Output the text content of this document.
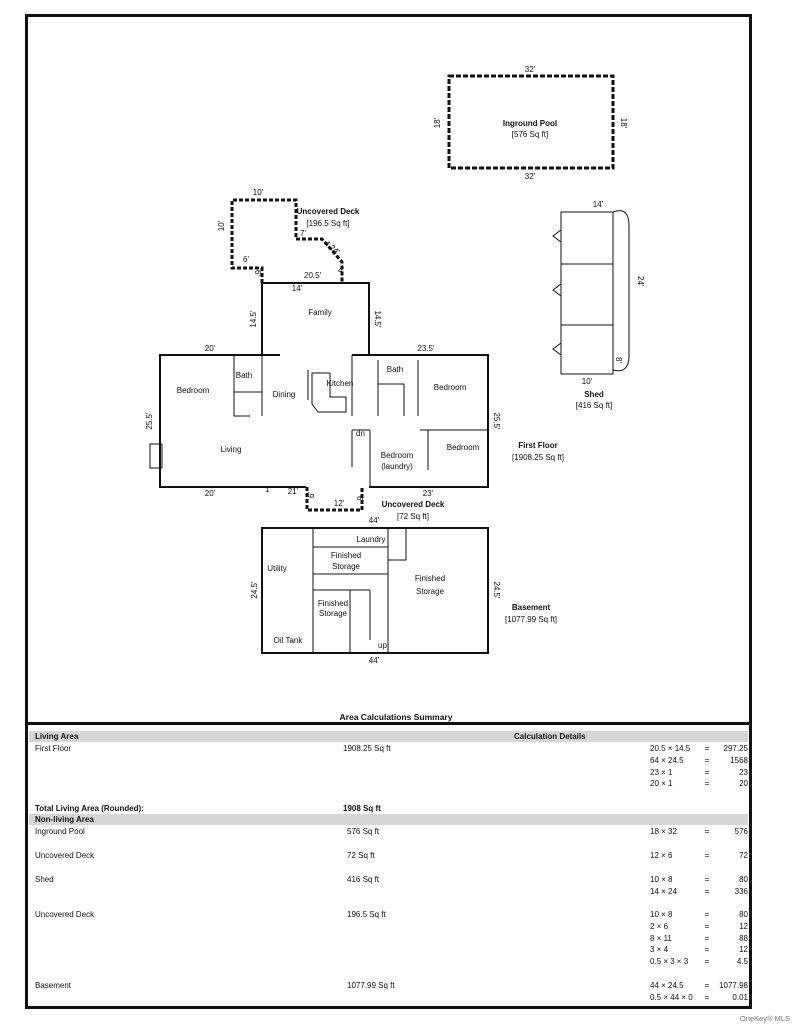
32'
32'
18'	18'
Inground Pool
[576 Sq ft]
10'
10'
7'
6'
6'
4.24'
4'
20.5'
Uncovered Deck
[196.5 Sq ft]
14'
24'
8'
10'
Shed
[416 Sq ft]
14'
14.5'	14.5'
20'	23.5'
25.5'	25.5'
20'	1' 21'	23'
Family
Bedroom
Bath
Dining
Kitchen
Bath
Bedroom
Living
Bedroom
(laundry)
Bedroom
dn
First Floor
[1908.25 Sq ft]
6'
12'
6'
Uncovered Deck
[72 Sq ft]
44'
44'
24.5'	24.5'
Laundry
Utility
Finished
Storage
Finished
Storage
Finished
Storage
Oil Tank
up
Basement
[1077.99 Sq ft]
Area Calculations Summary
Living Area	Calculation Details
First Floor	1908.25 Sq ft	20.5 × 14.5	=	297.25
64 × 24.5	=	1568
23 × 1	=	23
20 × 1	=	20
Total Living Area (Rounded):	1908 Sq ft
Non-living Area
Inground Pool	576 Sq ft	18 × 32	=	576
Uncovered Deck	72 Sq ft	12 × 6	=	72
Shed	416 Sq ft	10 × 8	=	80
14 × 24	=	336
Uncovered Deck	196.5 Sq ft	10 × 8	=	80
2 × 6	=	12
8 × 11	=	88
3 × 4	=	12
0.5 × 3 × 3	=	4.5
Basement	1077.99 Sq ft	44 × 24.5	=	1077.98
0.5 × 44 × 0	=	0.01
OneKey® MLS
